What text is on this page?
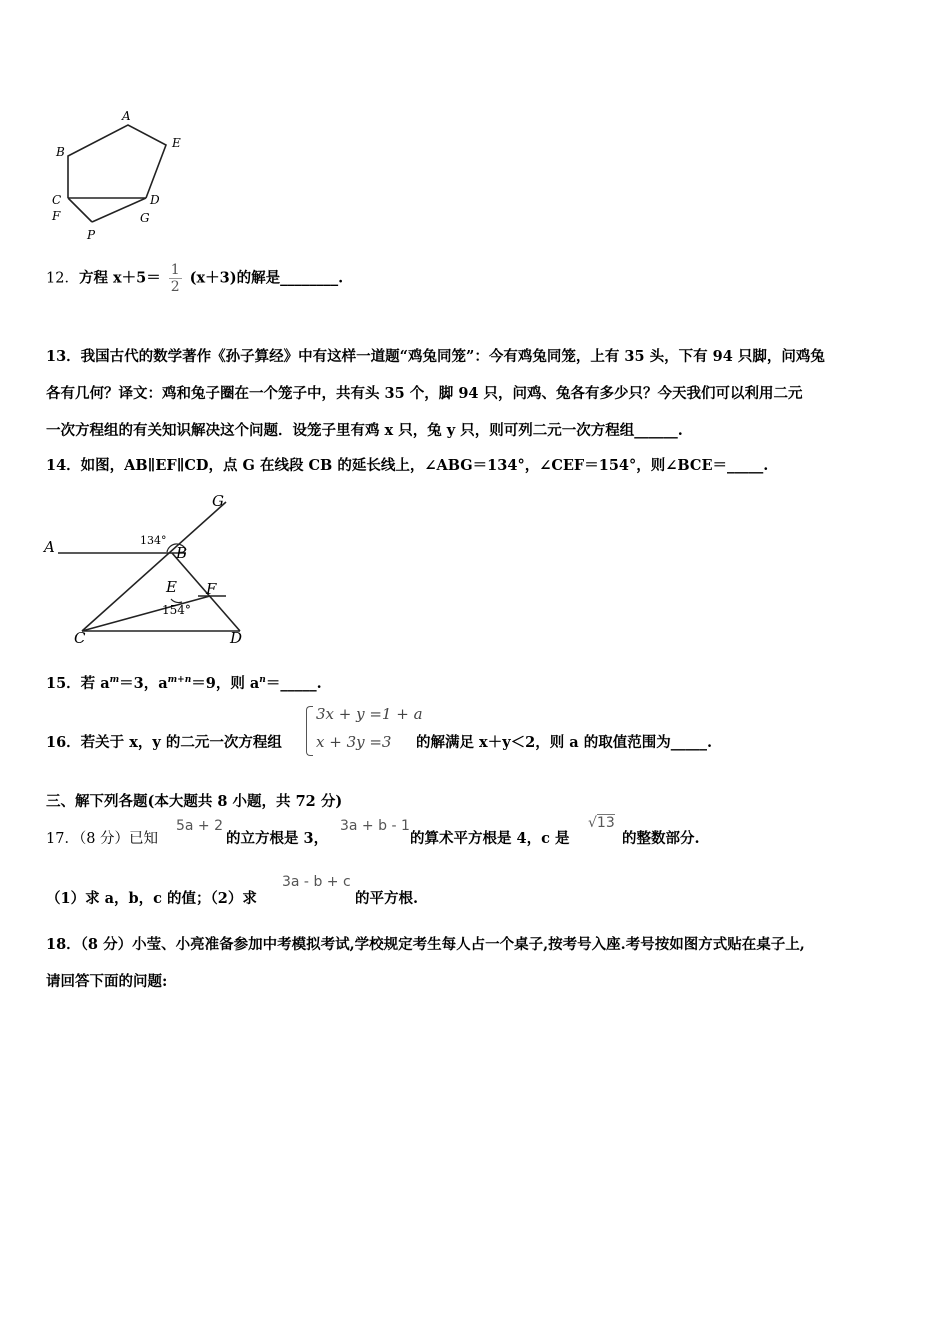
A
B
E
C	D
F	G
P
12．方程 $x+5= \frac{1}{2} (x+3)$的解是________.
13．我国古代的数学著作《孙子算经》中有这样一道题“鸡兔同笼”：今有鸡兔同笼，上有 35 头，下有 94 只脚，问鸡兔
各有几何？译文：鸡和兔子圈在一个笼子中，共有头 35 个，脚 94 只，问鸡、兔各有多少只？今天我们可以利用二元
一次方程组的有关知识解决这个问题．设笼子里有鸡 x 只，兔 y 只，则可列二元一次方程组______.
14．如图，AB∥EF∥CD，点 G 在线段 CB 的延长线上，∠ABG＝134°，∠CEF＝154°，则∠BCE＝_____.
G
A	B
E F
C	D
134°
154°
15．若 $a^m=3$，$a^{m+n}=9$，则 $a^n=\_\_\_\_\_$.
16．若关于 x，y 的二元一次方程组
3x + y =1 + a
x + 3y =3 的解满足 x＋y＜2，则 a 的取值范围为_____.
三、解下列各题(本大题共 8 小题，共 72 分)
17．（8 分）已知
5a + 2
的立方根是 3，
3a + b - 1
的算术平方根是 4，c 是
√13
的整数部分.
（1）求 a，b，c 的值；（2）求
3a - b + c
的平方根.
18．（8 分）小莹、小亮准备参加中考模拟考试,学校规定考生每人占一个桌子,按考号入座.考号按如图方式贴在桌子上,
请回答下面的问题:
